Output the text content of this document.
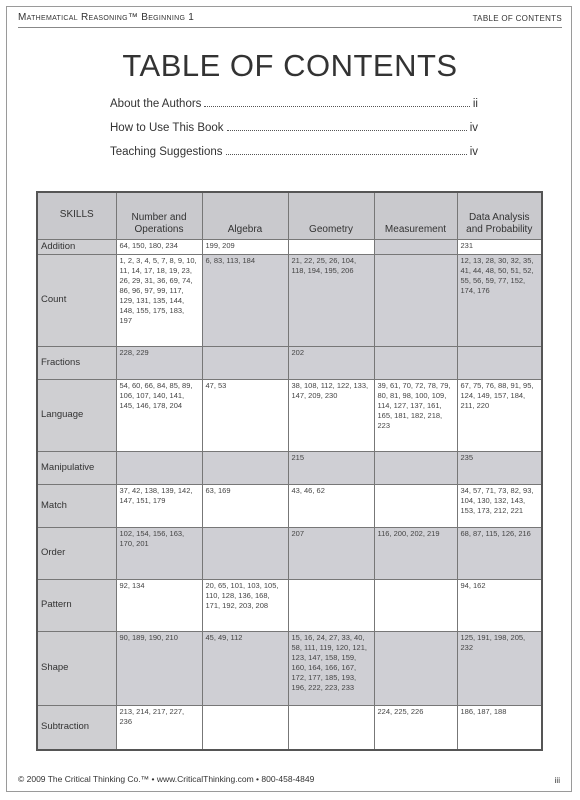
Mathematical Reasoning™ Beginning 1	TABLE OF CONTENTS
TABLE OF CONTENTS
About the Authors	ii
How to Use This Book	iv
Teaching Suggestions	iv
SKILLS	Number and Operations	Algebra	Geometry	Measurement	Data Analysis and Probability
Addition	64, 150, 180, 234	199, 209			231
Count	1, 2, 3, 4, 5, 7, 8, 9, 10, 11, 14, 17, 18, 19, 23, 26, 29, 31, 36, 69, 74, 86, 96, 97, 99, 117, 129, 131, 135, 144, 148, 155, 175, 183, 197	6, 83, 113, 184	21, 22, 25, 26, 104, 118, 194, 195, 206		12, 13, 28, 30, 32, 35, 41, 44, 48, 50, 51, 52, 55, 56, 59, 77, 152, 174, 176
Fractions	228, 229		202		
Language	54, 60, 66, 84, 85, 89, 106, 107, 140, 141, 145, 146, 178, 204	47, 53	38, 108, 112, 122, 133, 147, 209, 230	39, 61, 70, 72, 78, 79, 80, 81, 98, 100, 109, 114, 127, 137, 161, 165, 181, 182, 218, 223	67, 75, 76, 88, 91, 95, 124, 149, 157, 184, 211, 220
Manipulative			215		235
Match	37, 42, 138, 139, 142, 147, 151, 179	63, 169	43, 46, 62		34, 57, 71, 73, 82, 93, 104, 130, 132, 143, 153, 173, 212, 221
Order	102, 154, 156, 163, 170, 201		207	116, 200, 202, 219	68, 87, 115, 126, 216
Pattern	92, 134	20, 65, 101, 103, 105, 110, 128, 136, 168, 171, 192, 203, 208			94, 162
Shape	90, 189, 190, 210	45, 49, 112	15, 16, 24, 27, 33, 40, 58, 111, 119, 120, 121, 123, 147, 158, 159, 160, 164, 166, 167, 172, 177, 185, 193, 196, 222, 223, 233		125, 191, 198, 205, 232
Subtraction	213, 214, 217, 227, 236			224, 225, 226	186, 187, 188
© 2009 The Critical Thinking Co.™ • www.CriticalThinking.com • 800-458-4849	iii
